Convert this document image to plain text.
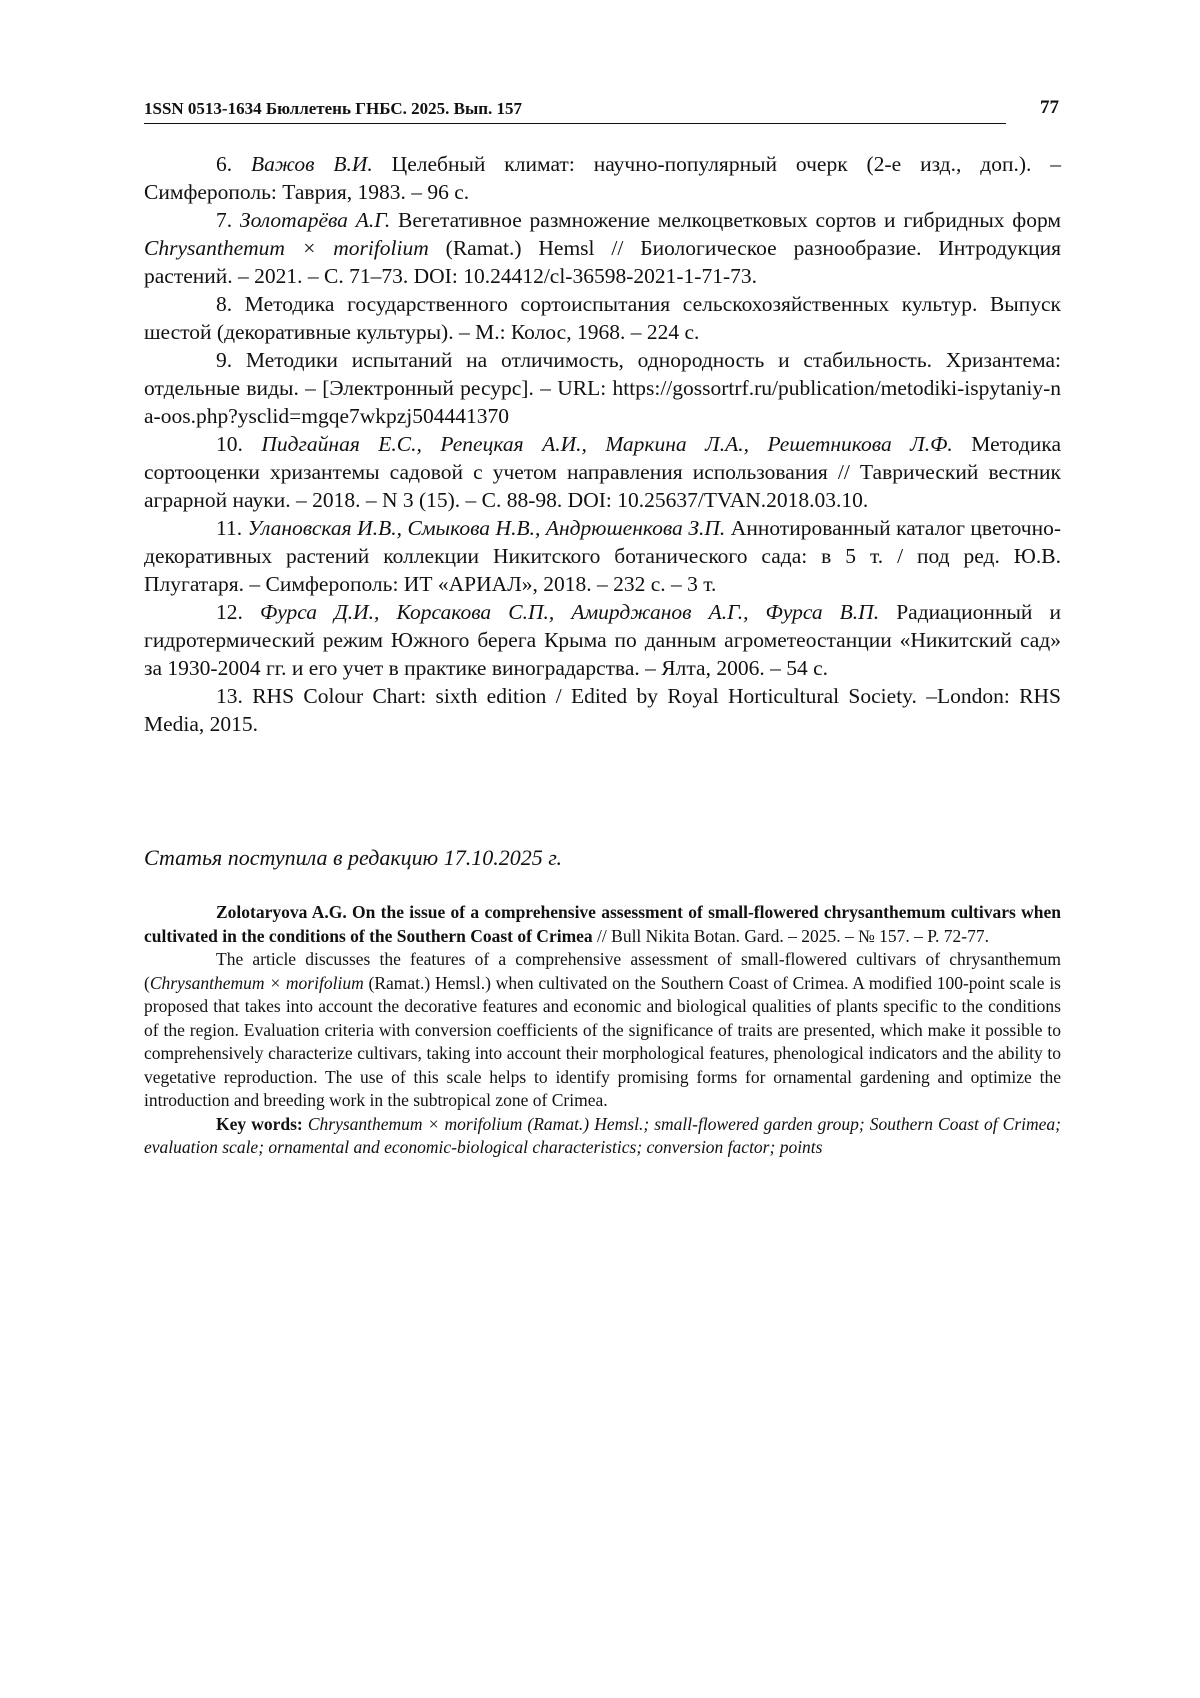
1SSN 0513-1634 Бюллетень ГНБС. 2025. Вып. 157	77

6. Важов В.И. Целебный климат: научно-популярный очерк (2-е изд., доп.). – Симферополь: Таврия, 1983. – 96 с.

7. Золотарёва А.Г. Вегетативное размножение мелкоцветковых сортов и гибридных форм Chrysanthemum × morifolium (Ramat.) Hemsl // Биологическое разнообразие. Интродукция растений. – 2021. – С. 71–73. DOI: 10.24412/cl-36598-2021-1-71-73.

8. Методика государственного сортоиспытания сельскохозяйственных культур. Выпуск шестой (декоративные культуры). – М.: Колос, 1968. – 224 с.

9. Методики испытаний на отличимость, однородность и стабильность. Хризантема: отдельные виды. – [Электронный ресурс]. – URL: https://gossortrf.ru/publication/metodiki-ispytaniy-na-oos.php?ysclid=mgqe7wkpzj504441370

10. Пидгайная Е.С., Репецкая А.И., Маркина Л.А., Решетникова Л.Ф. Методика сортооценки хризантемы садовой с учетом направления использования // Таврический вестник аграрной науки. – 2018. – N 3 (15). – С. 88-98. DOI: 10.25637/TVAN.2018.03.10.

11. Улановская И.В., Смыкова Н.В., Андрюшенкова З.П. Аннотированный каталог цветочно-декоративных растений коллекции Никитского ботанического сада: в 5 т. / под ред. Ю.В. Плугатаря. – Симферополь: ИТ «АРИАЛ», 2018. – 232 с. – 3 т.

12. Фурса Д.И., Корсакова С.П., Амирджанов А.Г., Фурса В.П. Радиационный и гидротермический режим Южного берега Крыма по данным агрометеостанции «Никитский сад» за 1930-2004 гг. и его учет в практике виноградарства. – Ялта, 2006. – 54 с.

13. RHS Colour Chart: sixth edition / Edited by Royal Horticultural Society. –London: RHS Media, 2015.

Статья поступила в редакцию 17.10.2025 г.

Zolotaryova A.G. On the issue of a comprehensive assessment of small-flowered chrysanthemum cultivars when cultivated in the conditions of the Southern Coast of Crimea // Bull Nikita Botan. Gard. – 2025. – № 157. – P. 72-77.

The article discusses the features of a comprehensive assessment of small-flowered cultivars of chrysanthemum (Chrysanthemum × morifolium (Ramat.) Hemsl.) when cultivated on the Southern Coast of Crimea. A modified 100-point scale is proposed that takes into account the decorative features and economic and biological qualities of plants specific to the conditions of the region. Evaluation criteria with conversion coefficients of the significance of traits are presented, which make it possible to comprehensively characterize cultivars, taking into account their morphological features, phenological indicators and the ability to vegetative reproduction. The use of this scale helps to identify promising forms for ornamental gardening and optimize the introduction and breeding work in the subtropical zone of Crimea.

Key words: Chrysanthemum × morifolium (Ramat.) Hemsl.; small-flowered garden group; Southern Coast of Crimea; evaluation scale; ornamental and economic-biological characteristics; conversion factor; points
